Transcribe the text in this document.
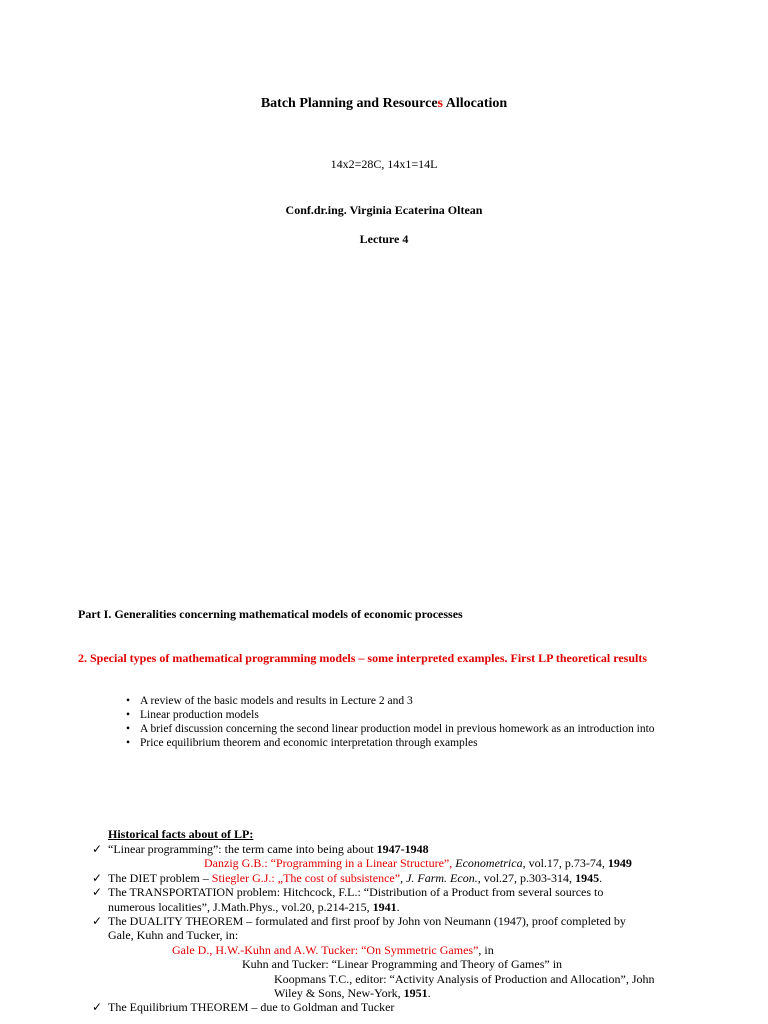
Batch Planning and Resources Allocation
14x2=28C, 14x1=14L
Conf.dr.ing. Virginia Ecaterina Oltean
Lecture 4
Part I. Generalities concerning mathematical models of economic processes
2. Special types of mathematical programming models – some interpreted examples. First LP theoretical results
• A review of the basic models and results in Lecture 2 and 3
• Linear production models
• A brief discussion concerning the second linear production model in previous homework as an introduction into
• Price equilibrium theorem and economic interpretation through examples
Historical facts about of LP:
✓ “Linear programming”: the term came into being about 1947-1948
Danzig G.B.: “Programming in a Linear Structure”, Econometrica, vol.17, p.73-74, 1949
✓ The DIET problem – Stiegler G.J.: „The cost of subsistence”, J. Farm. Econ., vol.27, p.303-314, 1945.
✓ The TRANSPORTATION problem: Hitchcock, F.L.: “Distribution of a Product from several sources to
numerous localities”, J.Math.Phys., vol.20, p.214-215, 1941.
✓ The DUALITY THEOREM – formulated and first proof by John von Neumann (1947), proof completed by
Gale, Kuhn and Tucker, in:
Gale D., H.W.-Kuhn and A.W. Tucker: “On Symmetric Games”, in
Kuhn and Tucker: “Linear Programming and Theory of Games” in
Koopmans T.C., editor: “Activity Analysis of Production and Allocation”, John
Wiley & Sons, New-York, 1951.
✓ The Equilibrium THEOREM – due to Goldman and Tucker
